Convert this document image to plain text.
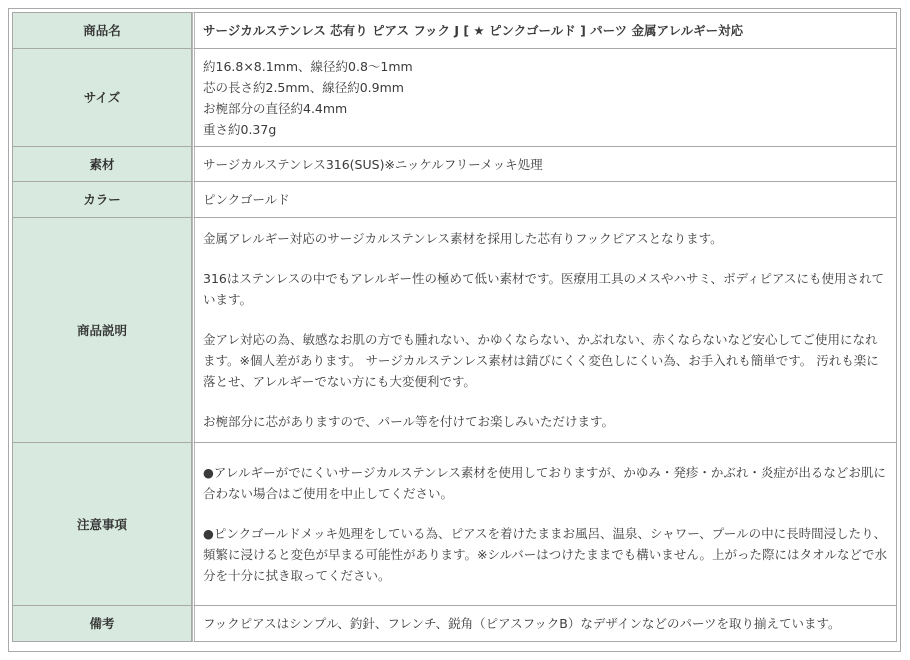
商品名	サージカルステンレス 芯有り ピアス フック J [ ★ ピンクゴールド ] パーツ 金属アレルギー対応
サイズ	約16.8×8.1mm、線径約0.8～1mm
芯の長さ約2.5mm、線径約0.9mm
お椀部分の直径約4.4mm
重さ約0.37g

素材	サージカルステンレス316(SUS)※ニッケルフリーメッキ処理
カラー	ピンクゴールド
商品説明	金属アレルギー対応のサージカルステンレス素材を採用した芯有りフックピアスとなります。
316はステンレスの中でもアレルギー性の極めて低い素材です。医療用工具のメスやハサミ、ボディピアスにも使用されています。
金アレ対応の為、敏感なお肌の方でも腫れない、かゆくならない、かぶれない、赤くならないなど安心してご使用になれます。※個人差があります。 サージカルステンレス素材は錆びにくく変色しにくい為、お手入れも簡単です。 汚れも楽に落とせ、アレルギーでない方にも大変便利です。
お椀部分に芯がありますので、パール等を付けてお楽しみいただけます。

注意事項	●アレルギーがでにくいサージカルステンレス素材を使用しておりますが、かゆみ・発疹・かぶれ・炎症が出るなどお肌に合わない場合はご使用を中止してください。
●ピンクゴールドメッキ処理をしている為、ピアスを着けたままお風呂、温泉、シャワー、プールの中に長時間浸したり、頻繁に浸けると変色が早まる可能性があります。※シルバーはつけたままでも構いません。上がった際にはタオルなどで水分を十分に拭き取ってください。

備考	フックピアスはシンプル、釣針、フレンチ、鋭角（ピアスフックB）なデザインなどのパーツを取り揃えています。
